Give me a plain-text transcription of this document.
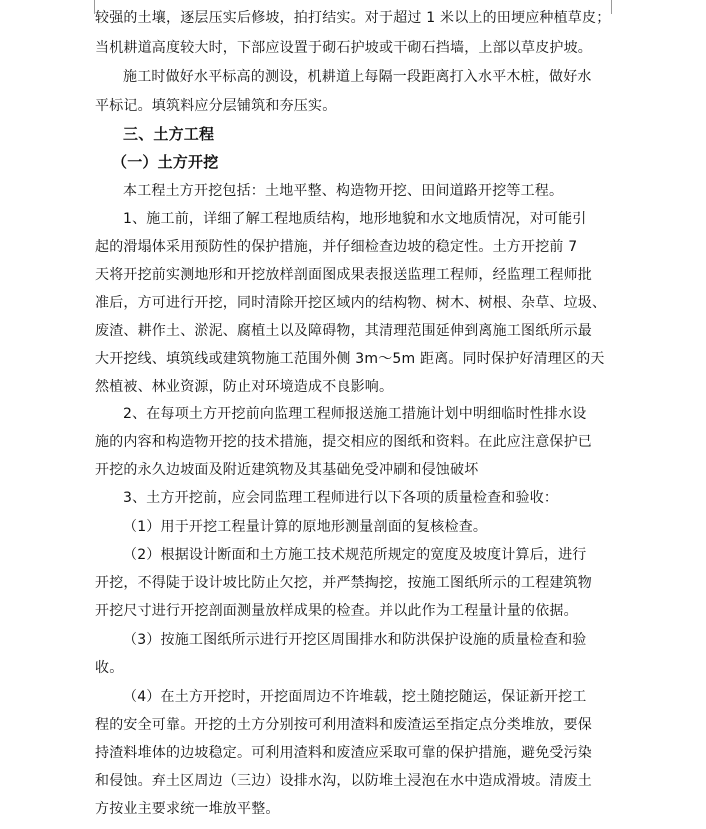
较强的土壤，逐层压实后修坡，拍打结实。对于超过 1 米以上的田埂应种植草皮；
当机耕道高度较大时，下部应设置于砌石护坡或干砌石挡墙，上部以草皮护坡。
施工时做好水平标高的测设，机耕道上每隔一段距离打入水平木桩，做好水
平标记。填筑料应分层铺筑和夯压实。
三、土方工程
（一）土方开挖
本工程土方开挖包括：土地平整、构造物开挖、田间道路开挖等工程。
1、施工前，详细了解工程地质结构，地形地貌和水文地质情况，对可能引
起的滑塌体采用预防性的保护措施，并仔细检查边坡的稳定性。土方开挖前 7
天将开挖前实测地形和开挖放样剖面图成果表报送监理工程师，经监理工程师批
准后，方可进行开挖，同时清除开挖区域内的结构物、树木、树根、杂草、垃圾、
废渣、耕作土、淤泥、腐植土以及障碍物，其清理范围延伸到离施工图纸所示最
大开挖线、填筑线或建筑物施工范围外侧 3m～5m 距离。同时保护好清理区的天
然植被、林业资源，防止对环境造成不良影响。
2、在每项土方开挖前向监理工程师报送施工措施计划中明细临时性排水设
施的内容和构造物开挖的技术措施，提交相应的图纸和资料。在此应注意保护已
开挖的永久边坡面及附近建筑物及其基础免受冲刷和侵蚀破坏
3、土方开挖前，应会同监理工程师进行以下各项的质量检查和验收：
（1）用于开挖工程量计算的原地形测量剖面的复核检查。
（2）根据设计断面和土方施工技术规范所规定的宽度及坡度计算后，进行
开挖，不得陡于设计坡比防止欠挖，并严禁掏挖，按施工图纸所示的工程建筑物
开挖尺寸进行开挖剖面测量放样成果的检查。并以此作为工程量计量的依据。
（3）按施工图纸所示进行开挖区周围排水和防洪保护设施的质量检查和验
收。
（4）在土方开挖时，开挖面周边不许堆载，挖土随挖随运，保证新开挖工
程的安全可靠。开挖的土方分别按可利用渣料和废渣运至指定点分类堆放，要保
持渣料堆体的边坡稳定。可利用渣料和废渣应采取可靠的保护措施，避免受污染
和侵蚀。弃土区周边（三边）设排水沟，以防堆土浸泡在水中造成滑坡。清废土
方按业主要求统一堆放平整。
